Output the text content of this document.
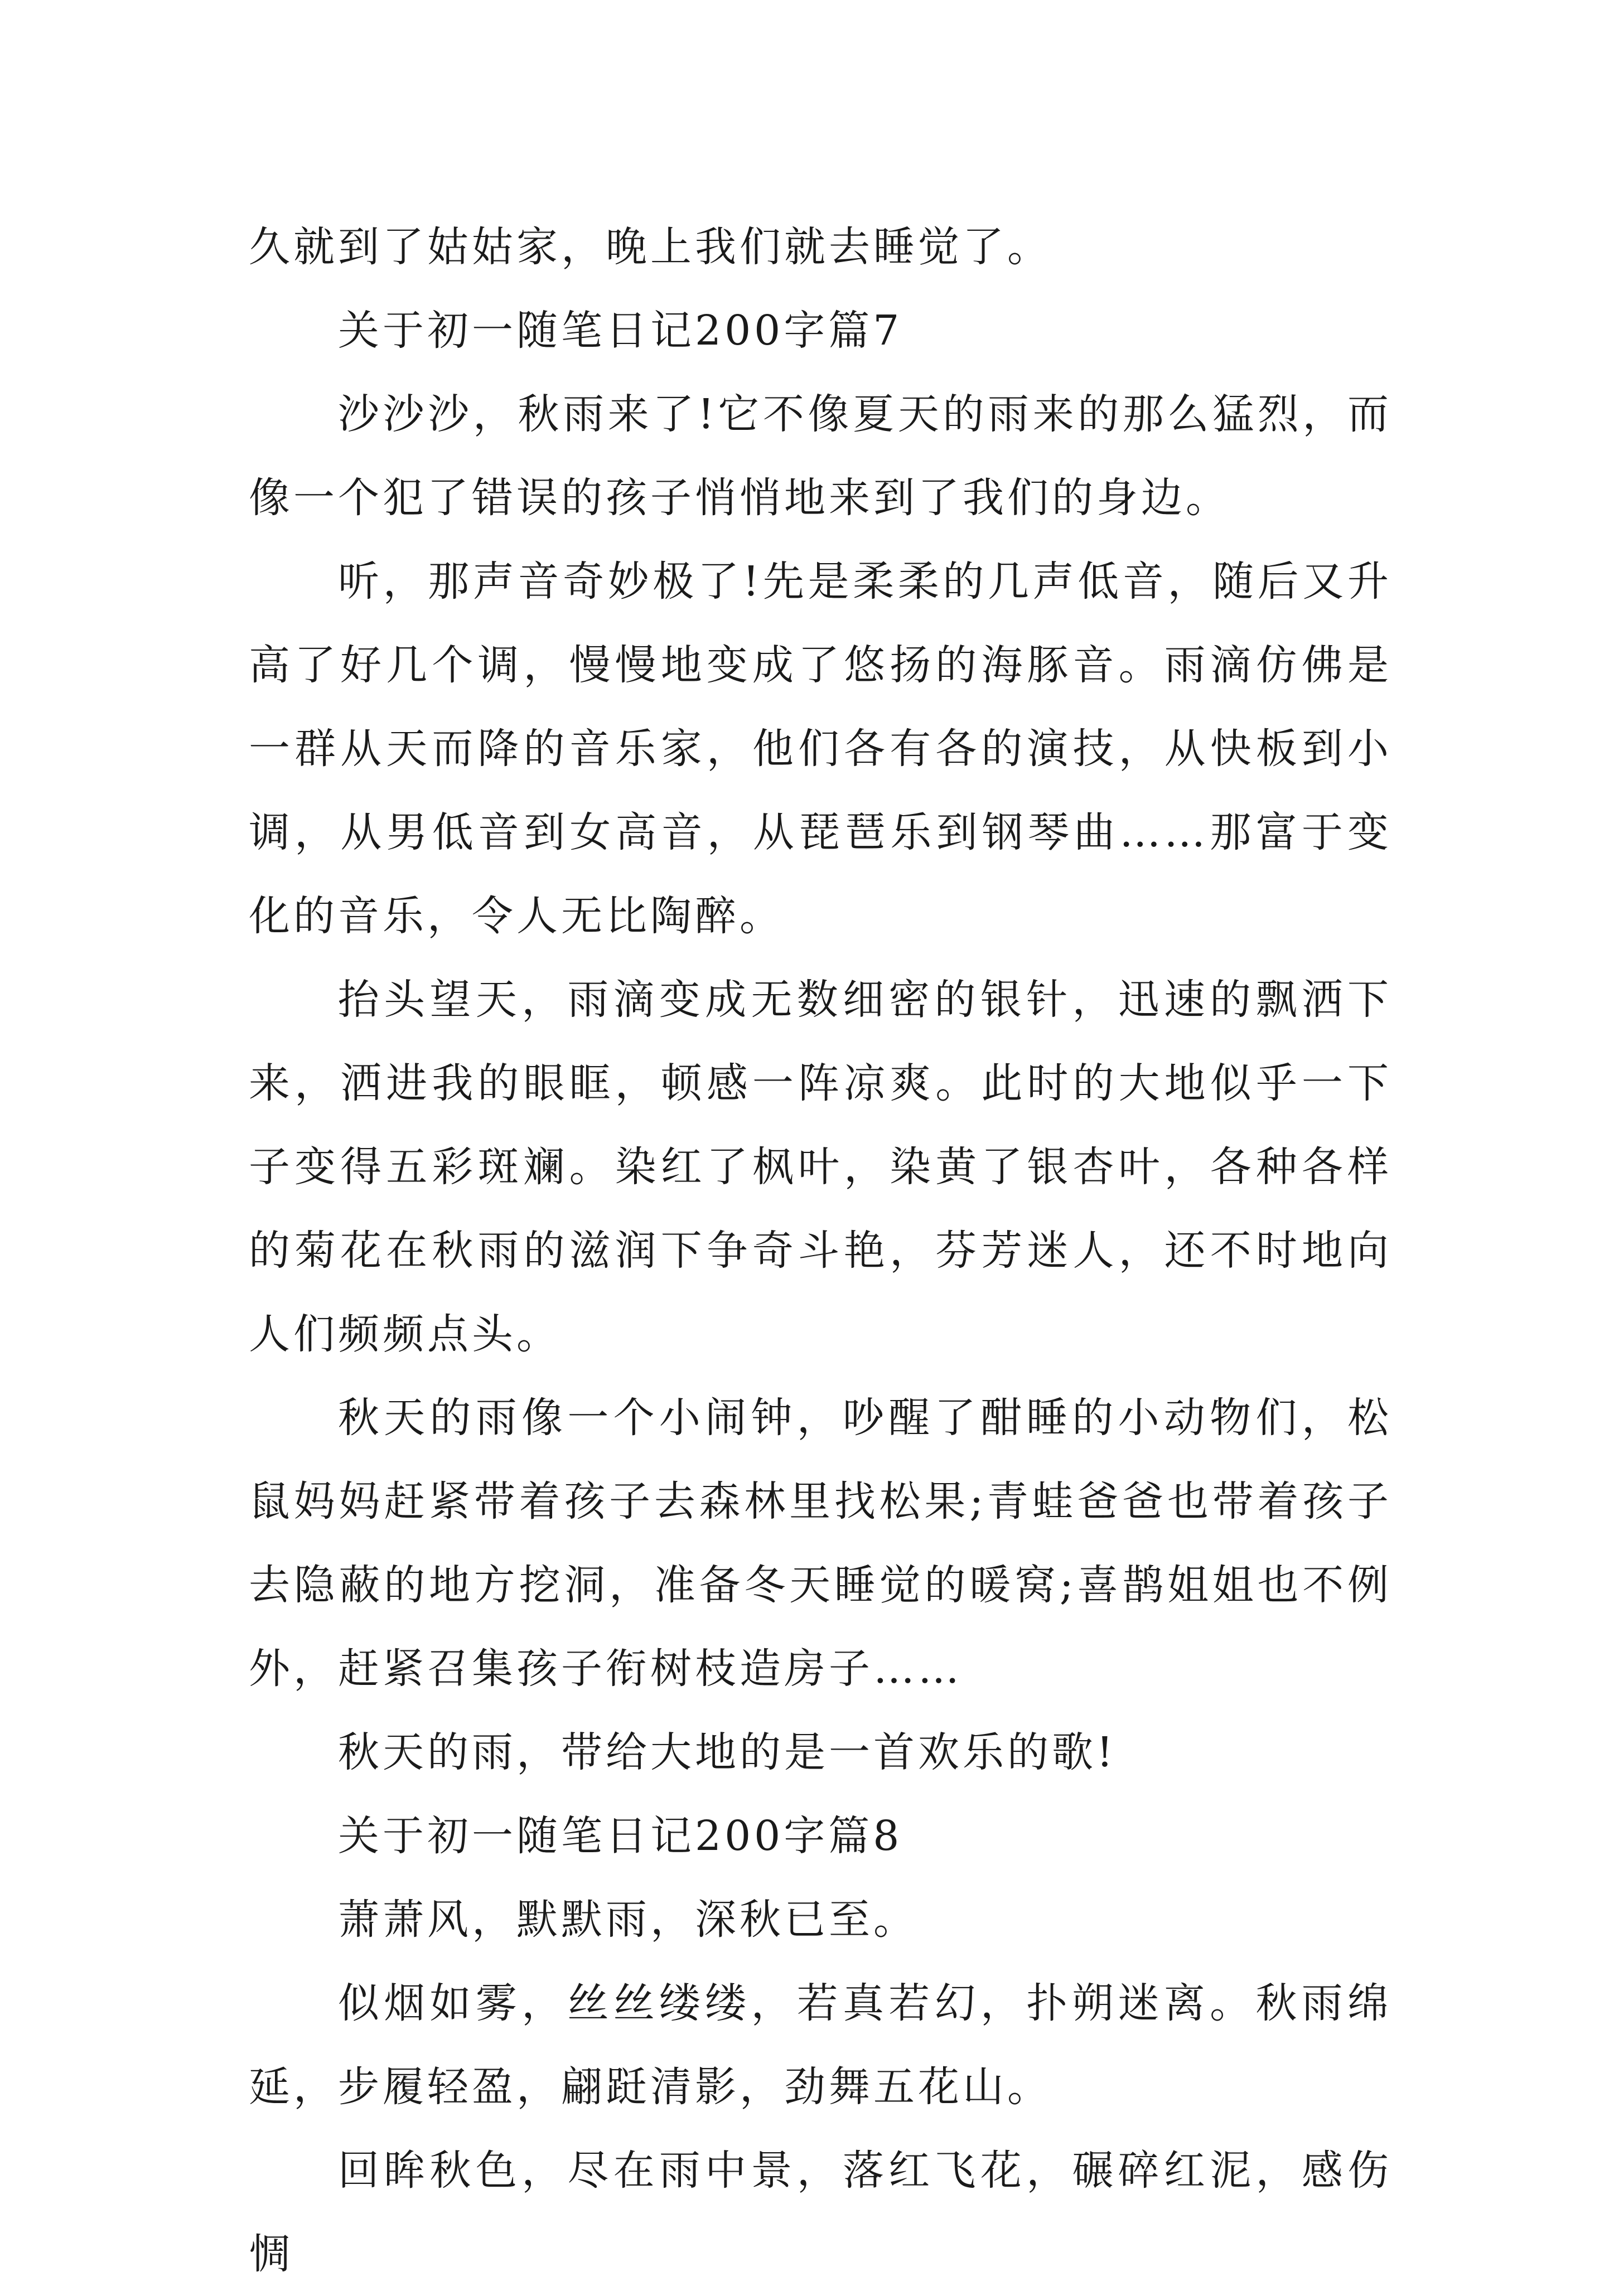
久就到了姑姑家，晚上我们就去睡觉了。

关于初一随笔日记200字篇7

沙沙沙，秋雨来了!它不像夏天的雨来的那么猛烈，而像一个犯了错误的孩子悄悄地来到了我们的身边。

听，那声音奇妙极了!先是柔柔的几声低音，随后又升高了好几个调，慢慢地变成了悠扬的海豚音。雨滴仿佛是一群从天而降的音乐家，他们各有各的演技，从快板到小调，从男低音到女高音，从琵琶乐到钢琴曲……那富于变化的音乐，令人无比陶醉。

抬头望天，雨滴变成无数细密的银针，迅速的飘洒下来，洒进我的眼眶，顿感一阵凉爽。此时的大地似乎一下子变得五彩斑斓。染红了枫叶，染黄了银杏叶，各种各样的菊花在秋雨的滋润下争奇斗艳，芬芳迷人，还不时地向人们频频点头。

秋天的雨像一个小闹钟，吵醒了酣睡的小动物们，松鼠妈妈赶紧带着孩子去森林里找松果;青蛙爸爸也带着孩子去隐蔽的地方挖洞，准备冬天睡觉的暖窝;喜鹊姐姐也不例外，赶紧召集孩子衔树枝造房子……

秋天的雨，带给大地的是一首欢乐的歌!

关于初一随笔日记200字篇8

萧萧风，默默雨，深秋已至。

似烟如雾，丝丝缕缕，若真若幻，扑朔迷离。秋雨绵延，步履轻盈，翩跹清影，劲舞五花山。

回眸秋色，尽在雨中景，落红飞花，碾碎红泥，感伤惆
